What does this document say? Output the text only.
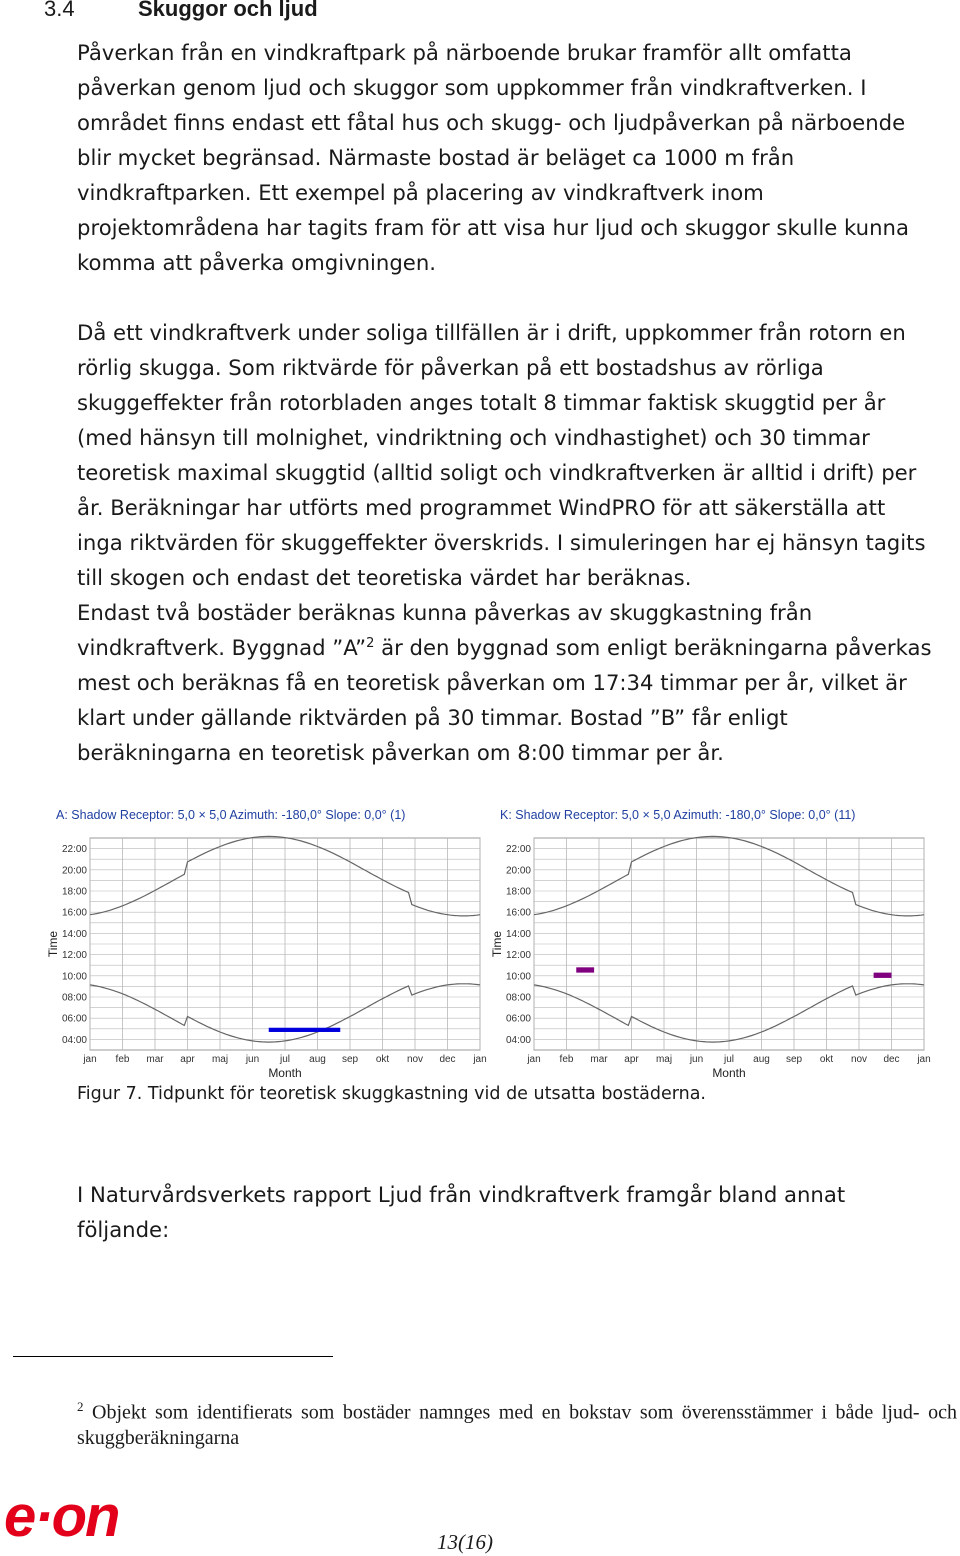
3.4	Skuggor och ljud
Påverkan från en vindkraftpark på närboende brukar framför allt omfatta
påverkan genom ljud och skuggor som uppkommer från vindkraftverken. I
området finns endast ett fåtal hus och skugg- och ljudpåverkan på närboende
blir mycket begränsad. Närmaste bostad är beläget ca 1000 m från
vindkraftparken. Ett exempel på placering av vindkraftverk inom
projektområdena har tagits fram för att visa hur ljud och skuggor skulle kunna
komma att påverka omgivningen.
Då ett vindkraftverk under soliga tillfällen är i drift, uppkommer från rotorn en
rörlig skugga. Som riktvärde för påverkan på ett bostadshus av rörliga
skuggeffekter från rotorbladen anges totalt 8 timmar faktisk skuggtid per år
(med hänsyn till molnighet, vindriktning och vindhastighet) och 30 timmar
teoretisk maximal skuggtid (alltid soligt och vindkraftverken är alltid i drift) per
år. Beräkningar har utförts med programmet WindPRO för att säkerställa att
inga riktvärden för skuggeffekter överskrids. I simuleringen har ej hänsyn tagits
till skogen och endast det teoretiska värdet har beräknas.
Endast två bostäder beräknas kunna påverkas av skuggkastning från
vindkraftverk. Byggnad ”A”$^2$ är den byggnad som enligt beräkningarna påverkas
mest och beräknas få en teoretisk påverkan om 17:34 timmar per år, vilket är
klart under gällande riktvärden på 30 timmar. Bostad ”B” får enligt
beräkningarna en teoretisk påverkan om 8:00 timmar per år.
A: Shadow Receptor: 5,0 × 5,0 Azimuth: -180,0° Slope: 0,0° (1)
22:00
20:00
18:00
16:00
14:00
12:00
10:00
08:00
06:00
04:00
jan feb mar apr maj jun jul aug sep okt nov dec jan
Month
Time
K: Shadow Receptor: 5,0 × 5,0 Azimuth: -180,0° Slope: 0,0° (11)
22:00
20:00
18:00
16:00
14:00
12:00
10:00
08:00
06:00
04:00
jan feb mar apr maj jun jul aug sep okt nov dec jan
Month
Time
Figur 7. Tidpunkt för teoretisk skuggkastning vid de utsatta bostäderna.
I Naturvårdsverkets rapport Ljud från vindkraftverk framgår bland annat
följande:
$^2$ Objekt som identifierats som bostäder namnges med en bokstav som överensstämmer i både ljud- och skuggberäkningarna
e·on	13(16)
